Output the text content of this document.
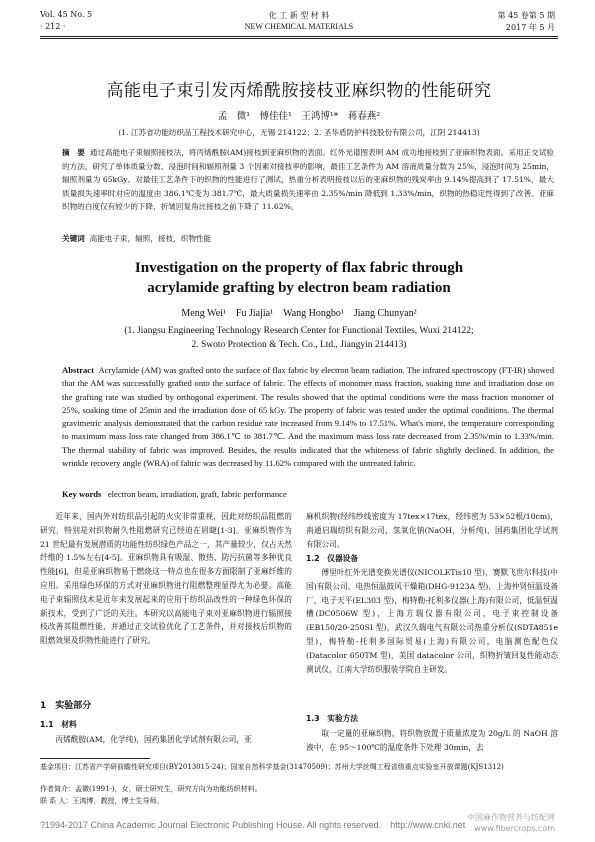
Vol. 45 No. 5
· 212 ·
化 工 新 型 材 料
NEW CHEMICAL MATERIALS
第 45 卷第 5 期
2017 年 5 月
高能电子束引发丙烯酰胺接枝亚麻织物的性能研究
孟　微¹　傅佳佳¹　王鸿博¹*　蒋春燕²
(1. 江苏省功能纺织品工程技术研究中心，无锡 214122；2. 圣华盾防护科技股份有限公司，江阴 214413)
摘　要 通过高能电子束辐照接枝法，将丙烯酰胺(AM)接枝到亚麻织物的表面。红外光谱图表明 AM 成功地接枝到了亚麻织物表面。采用正交试验的方法，研究了单体质量分数、浸泡时间和辐照剂量 3 个因素对接枝率的影响，最佳工艺条件为 AM 溶液质量分数为 25%，浸泡时间为 25min，辐照剂量为 65kGy。对最佳工艺条件下的织物的性能进行了测试，热重分析表明接枝以后的亚麻织物的残炭率由 9.14%提高到了 17.51%，最大质量损失速率时对应的温度由 386.1℃变为 381.7℃，最大质量损失速率由 2.35%/min 降低到 1.33%/min，织物的热稳定性得到了改善。亚麻织物的白度仅有较少的下降，折皱回复角比接枝之前下降了 11.62%。
关键词 高能电子束，辐照，接枝，织物性能
Investigation on the property of flax fabric through acrylamide grafting by electron beam radiation
Meng Wei¹　Fu Jiajia¹　Wang Hongbo¹　Jiang Chunyan²
(1. Jiangsu Engineering Technology Research Center for Functional Textiles, Wuxi 214122;
2. Swoto Protection & Tech. Co., Ltd., Jiangyin 214413)
Abstract Acrylamide (AM) was grafted onto the surface of flax fabric by electron beam radiation. The infrared spectroscopy (FT-IR) showed that the AM was successfully grafted onto the surface of fabric. The effects of monomer mass fraction, soaking time and irradiation dose on the grafting rate was studied by orthogonal experiment. The results showed that the optimal conditions were the mass fraction monomer of 25%, soaking time of 25min and the irradiation dose of 65 kGy. The property of fabric was tested under the optimal conditions. The thermal gravimetric analysis demonstrated that the carbon residue rate increased from 9.14% to 17.51%. What's more, the temperature corresponding to maximum mass loss rate changed from 386.1℃ to 381.7℃. And the maximum mass loss rate decreased from 2.35%/min to 1.33%/min. The thermal stability of fabric was improved. Besides, the results indicated that the whiteness of fabric slightly declined. In addition, the wrinkle recovery angle (WRA) of fabric was decreased by 11.62% compared with the untreated fabric.
Key words electron beam, irradiation, graft, fabric performance
近年来，国内外对纺织品引起的火灾非常重视，因此对纺织品阻燃的研究，特别是对织物耐久性阻燃研究已经迫在眉睫[1-3]。亚麻织物作为 21 世纪最有发展潜质的功能性纺织绿色产品之一，其产量较少，仅占天然纤维的 1.5%左右[4-5]。亚麻织物具有吸湿、散热、防污抗菌等多种优良性能[6]，但是亚麻织物易于燃烧这一特点也在很多方面限制了亚麻纤维的应用。采用绿色环保的方式对亚麻织物进行阻燃整理显得尤为必要。高能电子束辐照技术是近年来发展起来的应用于纺织品改性的一种绿色环保的新技术，受到了广泛的关注。本研究以高能电子束对亚麻织物进行辐照接枝改善其阻燃性能，并通过正交试验优化了工艺条件，并对接枝后织物的阻燃效果及织物性能进行了研究。
1　实验部分
1.1　材料
丙烯酰胺(AM，化学纯)，国药集团化学试剂有限公司，亚
麻机织物(经纬纱线密度为 17tex×17tex，经纬密为 53×52根/10cm)，南通启瑞纺织有限公司，氢氧化钠(NaOH，分析纯)，国药集团化学试剂有限公司。
1.2　仪器设备
傅里叶红外光谱变换光谱仪(NICOLETis10 型)，赛默飞世尔科技(中国)有限公司，电热恒温鼓风干燥箱(DHG-9123A 型)，上海仲贤恒温设备厂，电子天平(EL303 型)，梅特勒-托利多仪器(上海)有限公司，低温恒温槽(DC0506W 型)，上海方瑞仪器有限公司，电子束控制设备(EB150/20-250SI 型)，武汉久瑞电气有限公司热重分析仪(SDTA851e 型)，梅特勒-托利多国际贸易(上海)有限公司，电脑测色配色仪(Datacolor 650TM 型)，美国 datacolor 公司，织物折皱回复性能动态测试仪，江南大学纺织服装学院自主研发。
1.3　实验方法
取一定量的亚麻织物，将织物放置于质量浓度为 20g/L 的 NaOH 溶液中，在 95～100℃的温度条件下处理 30min，去
基金项目：江苏省产学研前瞻性研究项目(BY2013015-24)；国家自然科学基金(31470509)；苏州大学丝绸工程省级重点实验室开放课题(KJS1312)
作者简介：孟微(1991-)，女，硕士研究生，研究方向为功能纺织材料。
联 系 人：王鸿博，教授，博士生导师。
?1994-2017 China Academic Journal Electronic Publishing House. All rights reserved.　http://www.cnki.net
中国麻作物营养与纺配网 www.fibercrops.com
